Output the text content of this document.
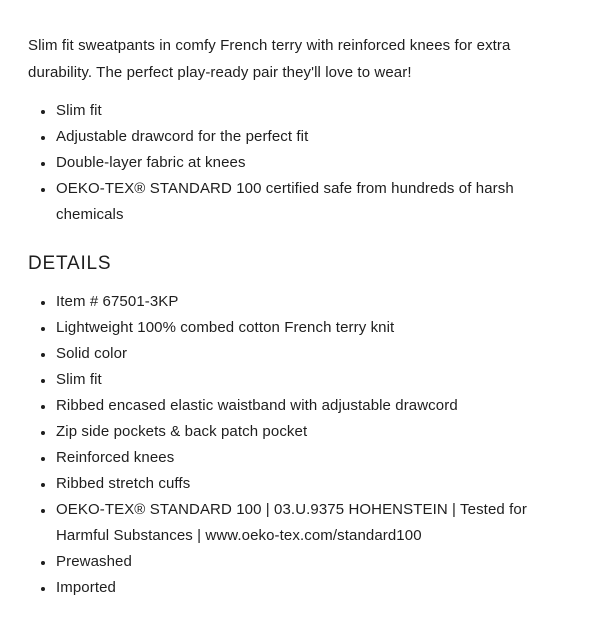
Slim fit sweatpants in comfy French terry with reinforced knees for extra durability. The perfect play-ready pair they'll love to wear!

• Slim fit
• Adjustable drawcord for the perfect fit
• Double-layer fabric at knees
• OEKO-TEX® STANDARD 100 certified safe from hundreds of harsh chemicals
DETAILS
• Item # 67501-3KP
• Lightweight 100% combed cotton French terry knit
• Solid color
• Slim fit
• Ribbed encased elastic waistband with adjustable drawcord
• Zip side pockets & back patch pocket
• Reinforced knees
• Ribbed stretch cuffs
• OEKO-TEX® STANDARD 100 | 03.U.9375 HOHENSTEIN | Tested for Harmful Substances | www.oeko-tex.com/standard100
• Prewashed
• Imported
